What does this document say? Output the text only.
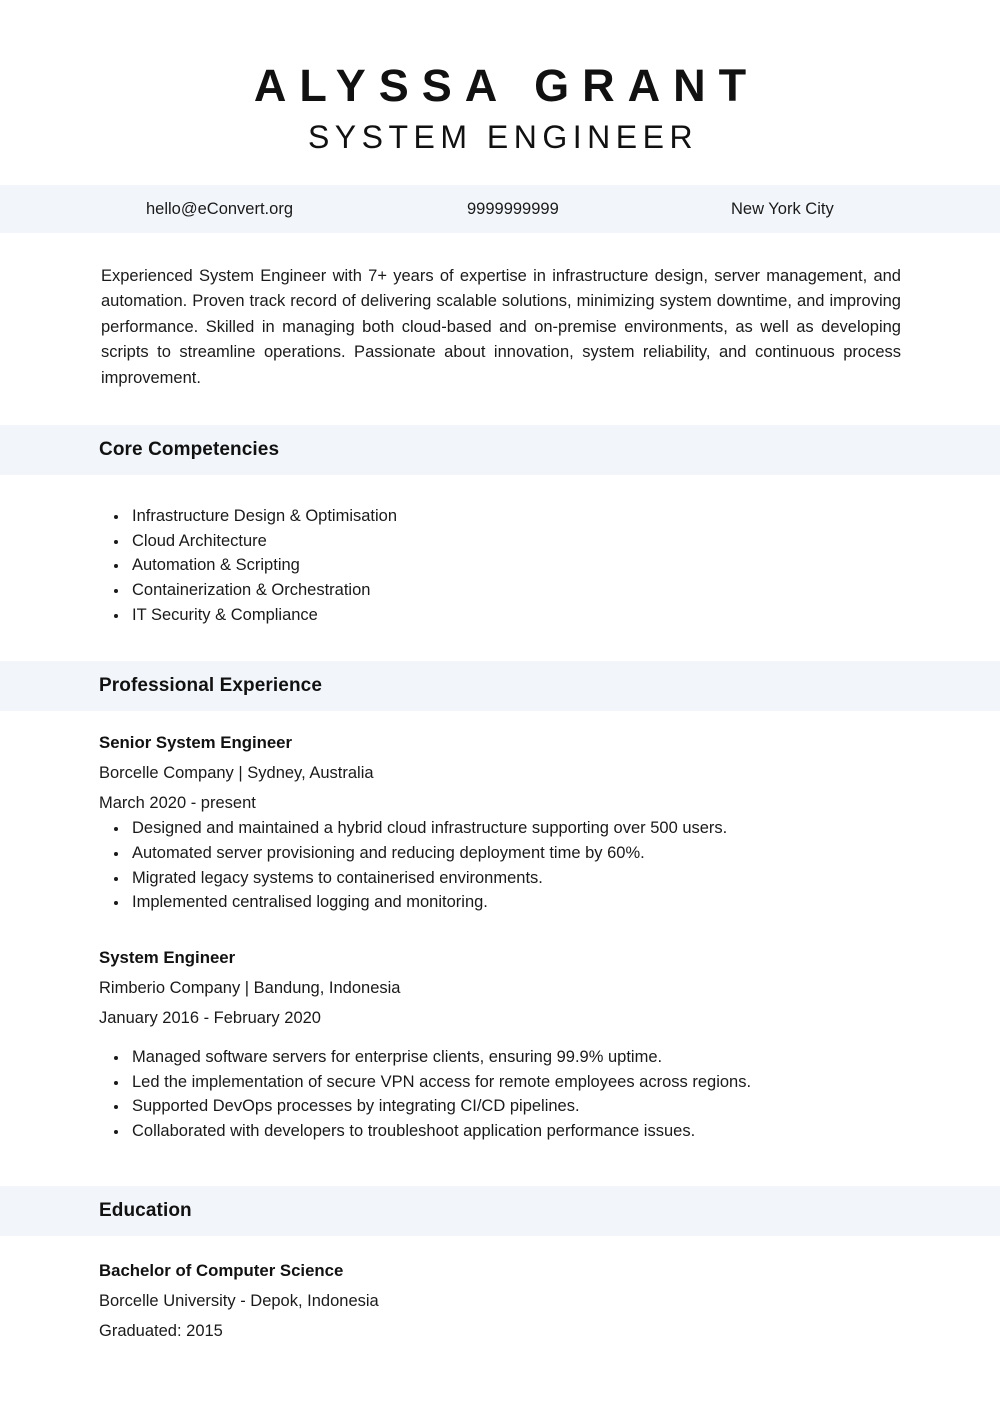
ALYSSA GRANT
SYSTEM ENGINEER
hello@eConvert.org	9999999999	New York City

Experienced System Engineer with 7+ years of expertise in infrastructure design, server management, and automation. Proven track record of delivering scalable solutions, minimizing system downtime, and improving performance. Skilled in managing both cloud-based and on-premise environments, as well as developing scripts to streamline operations. Passionate about innovation, system reliability, and continuous process improvement.

Core Competencies
Infrastructure Design & Optimisation
Cloud Architecture
Automation & Scripting
Containerization & Orchestration
IT Security & Compliance
Professional Experience
Senior System Engineer
Borcelle Company | Sydney, Australia
March 2020 - present
Designed and maintained a hybrid cloud infrastructure supporting over 500 users.
Automated server provisioning and reducing deployment time by 60%.
Migrated legacy systems to containerised environments.
Implemented centralised logging and monitoring.
System Engineer
Rimberio Company | Bandung, Indonesia
January 2016 - February 2020
Managed software servers for enterprise clients, ensuring 99.9% uptime.
Led the implementation of secure VPN access for remote employees across regions.
Supported DevOps processes by integrating CI/CD pipelines.
Collaborated with developers to troubleshoot application performance issues.
Education
Bachelor of Computer Science
Borcelle University - Depok, Indonesia
Graduated: 2015
